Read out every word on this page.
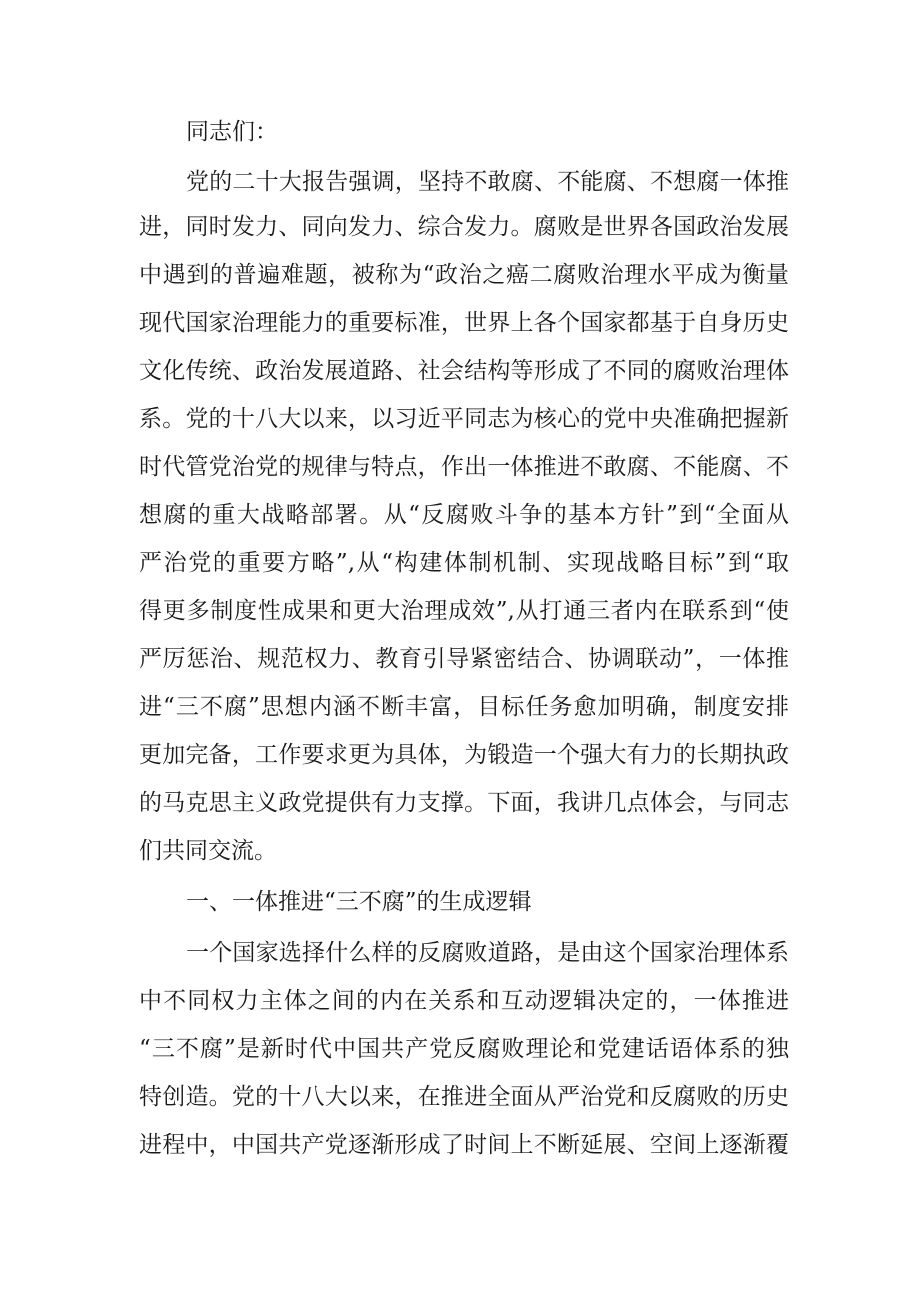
同志们：
党的二十大报告强调，坚持不敢腐、不能腐、不想腐一体推
进，同时发力、同向发力、综合发力。腐败是世界各国政治发展
中遇到的普遍难题，被称为“政治之癌二腐败治理水平成为衡量
现代国家治理能力的重要标准，世界上各个国家都基于自身历史
文化传统、政治发展道路、社会结构等形成了不同的腐败治理体
系。党的十八大以来，以习近平同志为核心的党中央准确把握新
时代管党治党的规律与特点，作出一体推进不敢腐、不能腐、不
想腐的重大战略部署。从“反腐败斗争的基本方针”到“全面从
严治党的重要方略”,从“构建体制机制、实现战略目标”到“取
得更多制度性成果和更大治理成效”,从打通三者内在联系到“使
严厉惩治、规范权力、教育引导紧密结合、协调联动”，一体推
进“三不腐”思想内涵不断丰富，目标任务愈加明确，制度安排
更加完备，工作要求更为具体，为锻造一个强大有力的长期执政
的马克思主义政党提供有力支撑。下面，我讲几点体会，与同志
们共同交流。
一、一体推进“三不腐”的生成逻辑
一个国家选择什么样的反腐败道路，是由这个国家治理体系
中不同权力主体之间的内在关系和互动逻辑决定的，一体推进
“三不腐”是新时代中国共产党反腐败理论和党建话语体系的独
特创造。党的十八大以来，在推进全面从严治党和反腐败的历史
进程中，中国共产党逐渐形成了时间上不断延展、空间上逐渐覆
